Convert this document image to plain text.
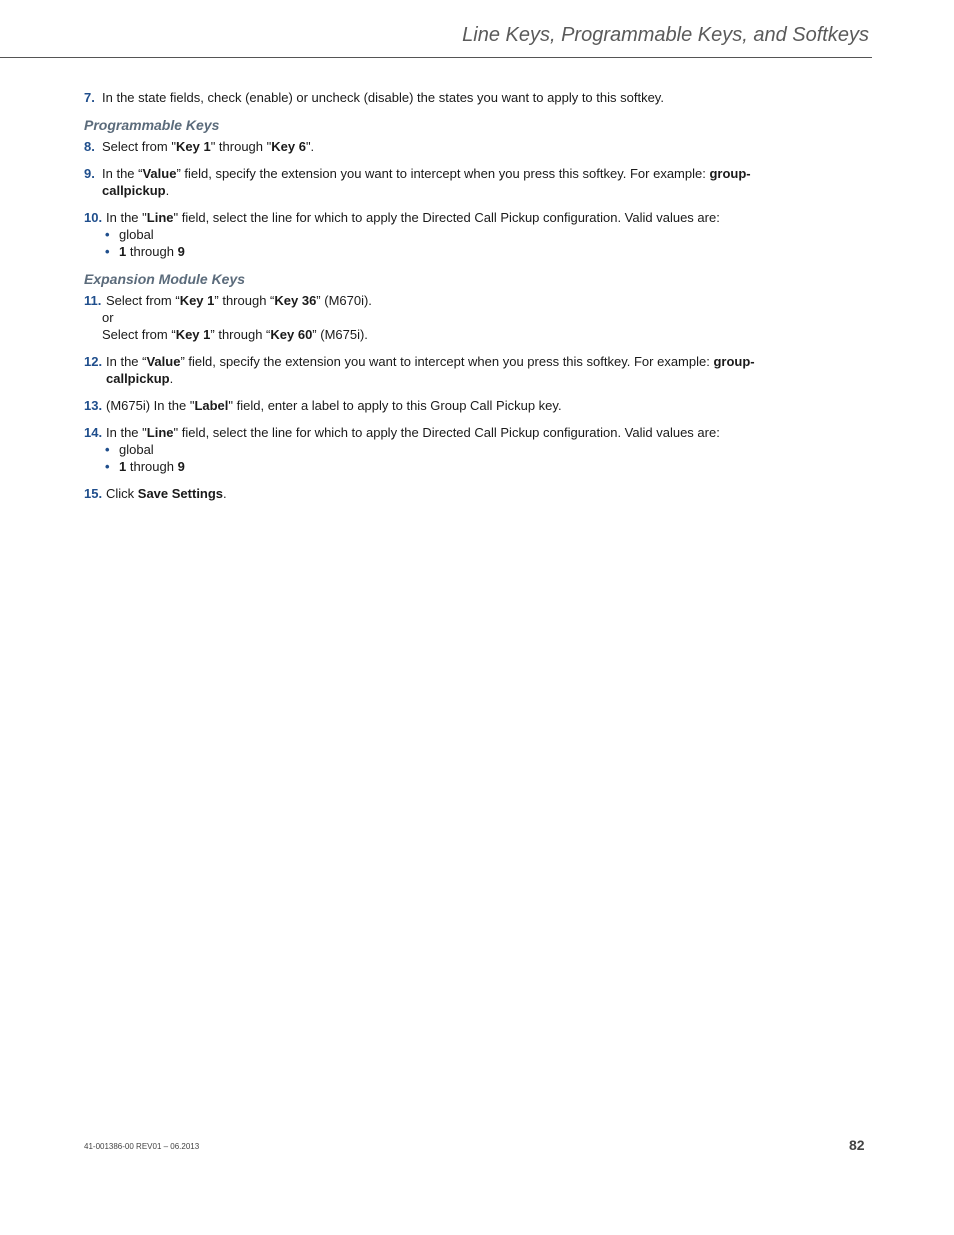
Line Keys, Programmable Keys, and Softkeys
7. In the state fields, check (enable) or uncheck (disable) the states you want to apply to this softkey.
Programmable Keys
8. Select from "Key 1" through "Key 6".
9. In the “Value” field, specify the extension you want to intercept when you press this softkey. For example: group-callpickup.
10. In the "Line" field, select the line for which to apply the Directed Call Pickup configuration. Valid values are:
• global
• 1 through 9
Expansion Module Keys
11. Select from “Key 1” through “Key 36” (M670i).
or
Select from “Key 1” through “Key 60” (M675i).
12. In the “Value” field, specify the extension you want to intercept when you press this softkey. For example: group-callpickup.
13. (M675i) In the "Label" field, enter a label to apply to this Group Call Pickup key.
14. In the "Line" field, select the line for which to apply the Directed Call Pickup configuration. Valid values are:
• global
• 1 through 9
15. Click Save Settings.
41-001386-00 REV01 – 06.2013	82
